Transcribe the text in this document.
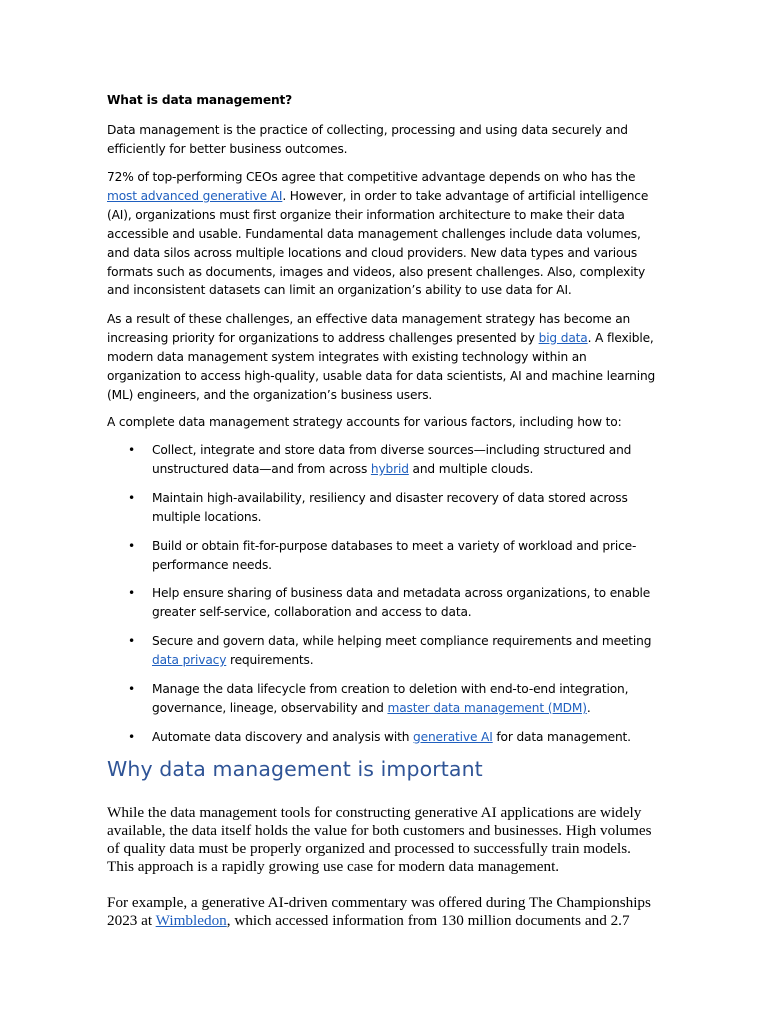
What is data management?

Data management is the practice of collecting, processing and using data securely and efficiently for better business outcomes.

72% of top-performing CEOs agree that competitive advantage depends on who has the most advanced generative AI. However, in order to take advantage of artificial intelligence (AI), organizations must first organize their information architecture to make their data accessible and usable. Fundamental data management challenges include data volumes, and data silos across multiple locations and cloud providers. New data types and various formats such as documents, images and videos, also present challenges. Also, complexity and inconsistent datasets can limit an organization’s ability to use data for AI.

As a result of these challenges, an effective data management strategy has become an increasing priority for organizations to address challenges presented by big data. A flexible, modern data management system integrates with existing technology within an organization to access high-quality, usable data for data scientists, AI and machine learning (ML) engineers, and the organization’s business users.

A complete data management strategy accounts for various factors, including how to:

• Collect, integrate and store data from diverse sources—including structured and unstructured data—and from across hybrid and multiple clouds.
• Maintain high-availability, resiliency and disaster recovery of data stored across multiple locations.
• Build or obtain fit-for-purpose databases to meet a variety of workload and price-performance needs.
• Help ensure sharing of business data and metadata across organizations, to enable greater self-service, collaboration and access to data.
• Secure and govern data, while helping meet compliance requirements and meeting data privacy requirements.
• Manage the data lifecycle from creation to deletion with end-to-end integration, governance, lineage, observability and master data management (MDM).
• Automate data discovery and analysis with generative AI for data management.
Why data management is important

While the data management tools for constructing generative AI applications are widely available, the data itself holds the value for both customers and businesses. High volumes of quality data must be properly organized and processed to successfully train models. This approach is a rapidly growing use case for modern data management.

For example, a generative AI-driven commentary was offered during The Championships 2023 at Wimbledon, which accessed information from 130 million documents and 2.7
